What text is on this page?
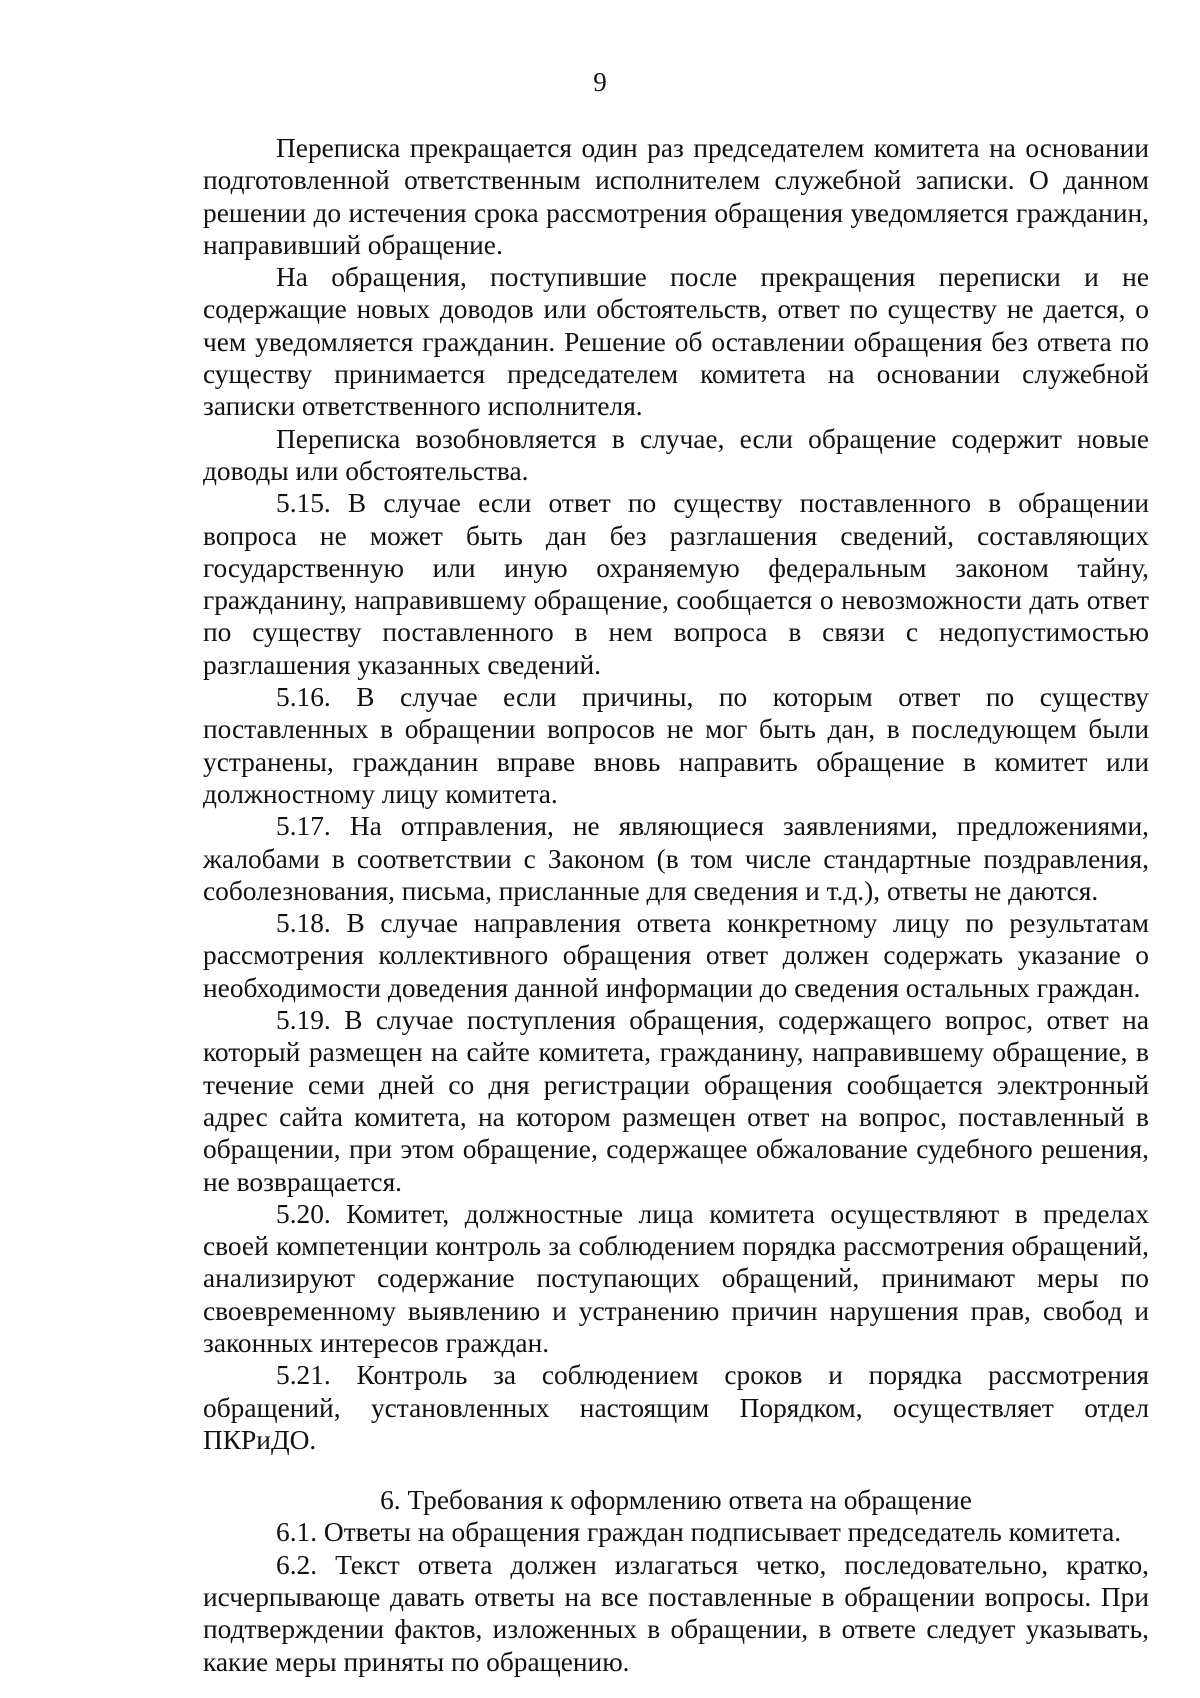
9

Переписка прекращается один раз председателем комитета на основании подготовленной ответственным исполнителем служебной записки. О данном решении до истечения срока рассмотрения обращения уведомляется гражданин, направивший обращение.

На обращения, поступившие после прекращения переписки и не содержащие новых доводов или обстоятельств, ответ по существу не дается, о чем уведомляется гражданин. Решение об оставлении обращения без ответа по существу принимается председателем комитета на основании служебной записки ответственного исполнителя.

Переписка возобновляется в случае, если обращение содержит новые доводы или обстоятельства.

5.15. В случае если ответ по существу поставленного в обращении вопроса не может быть дан без разглашения сведений, составляющих государственную или иную охраняемую федеральным законом тайну, гражданину, направившему обращение, сообщается о невозможности дать ответ по существу поставленного в нем вопроса в связи с недопустимостью разглашения указанных сведений.

5.16. В случае если причины, по которым ответ по существу поставленных в обращении вопросов не мог быть дан, в последующем были устранены, гражданин вправе вновь направить обращение в комитет или должностному лицу комитета.

5.17. На отправления, не являющиеся заявлениями, предложениями, жалобами в соответствии с Законом (в том числе стандартные поздравления, соболезнования, письма, присланные для сведения и т.д.), ответы не даются.

5.18. В случае направления ответа конкретному лицу по результатам рассмотрения коллективного обращения ответ должен содержать указание о необходимости доведения данной информации до сведения остальных граждан.

5.19. В случае поступления обращения, содержащего вопрос, ответ на который размещен на сайте комитета, гражданину, направившему обращение, в течение семи дней со дня регистрации обращения сообщается электронный адрес сайта комитета, на котором размещен ответ на вопрос, поставленный в обращении, при этом обращение, содержащее обжалование судебного решения, не возвращается.

5.20. Комитет, должностные лица комитета осуществляют в пределах своей компетенции контроль за соблюдением порядка рассмотрения обращений, анализируют содержание поступающих обращений, принимают меры по своевременному выявлению и устранению причин нарушения прав, свобод и законных интересов граждан.

5.21. Контроль за соблюдением сроков и порядка рассмотрения обращений, установленных настоящим Порядком, осуществляет отдел ПКРиДО.

6. Требования к оформлению ответа на обращение

6.1. Ответы на обращения граждан подписывает председатель комитета.

6.2. Текст ответа должен излагаться четко, последовательно, кратко, исчерпывающе давать ответы на все поставленные в обращении вопросы. При подтверждении фактов, изложенных в обращении, в ответе следует указывать, какие меры приняты по обращению.
